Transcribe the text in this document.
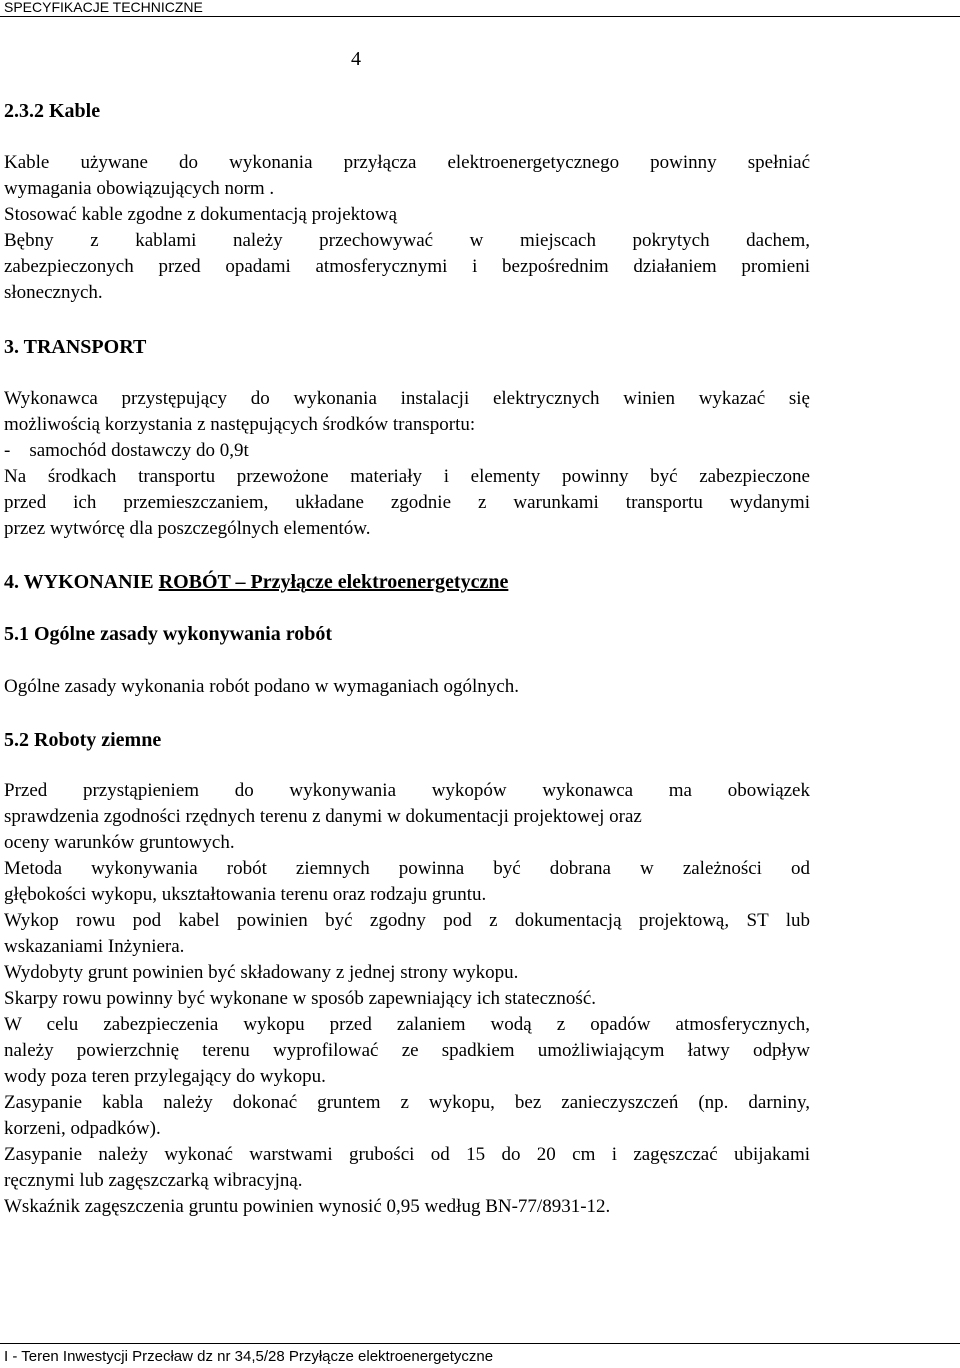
SPECYFIKACJE TECHNICZNE
4
2.3.2 Kable
Kable używane do wykonania przyłącza elektroenergetycznego powinny spełniać
wymagania obowiązujących norm .
Stosować kable zgodne z dokumentacją projektową
Bębny z kablami należy przechowywać w miejscach pokrytych dachem,
zabezpieczonych przed opadami atmosferycznymi i bezpośrednim działaniem promieni
słonecznych.
3. TRANSPORT
Wykonawca przystępujący do wykonania instalacji elektrycznych winien wykazać się
możliwością korzystania z następujących środków transportu:
-    samochód dostawczy do 0,9t
Na środkach transportu przewożone materiały i elementy powinny być zabezpieczone
przed ich przemieszczaniem, układane zgodnie z warunkami transportu wydanymi
przez wytwórcę dla poszczególnych elementów.
4. WYKONANIE ROBÓT – Przyłącze elektroenergetyczne
5.1 Ogólne zasady wykonywania robót
Ogólne zasady wykonania robót podano w wymaganiach ogólnych.
5.2 Roboty ziemne
Przed przystąpieniem do wykonywania wykopów wykonawca ma obowiązek
sprawdzenia zgodności rzędnych terenu z danymi w dokumentacji projektowej oraz
oceny warunków gruntowych.
Metoda wykonywania robót ziemnych powinna być dobrana w zależności od
głębokości wykopu, ukształtowania terenu oraz rodzaju gruntu.
Wykop rowu pod kabel powinien być zgodny pod z dokumentacją projektową, ST lub
wskazaniami Inżyniera.
Wydobyty grunt powinien być składowany z jednej strony wykopu.
Skarpy rowu powinny być wykonane w sposób zapewniający ich stateczność.
W celu zabezpieczenia wykopu przed zalaniem wodą z opadów atmosferycznych,
należy powierzchnię terenu wyprofilować ze spadkiem umożliwiającym łatwy odpływ
wody poza teren przylegający do wykopu.
Zasypanie kabla należy dokonać gruntem z wykopu, bez zanieczyszczeń (np. darniny,
korzeni, odpadków).
Zasypanie należy wykonać warstwami grubości od 15 do 20 cm i zagęszczać ubijakami
ręcznymi lub zagęszczarką wibracyjną.
Wskaźnik zagęszczenia gruntu powinien wynosić 0,95 według BN-77/8931-12.
I - Teren Inwestycji Przecław dz nr 34,5/28 Przyłącze elektroenergetyczne
